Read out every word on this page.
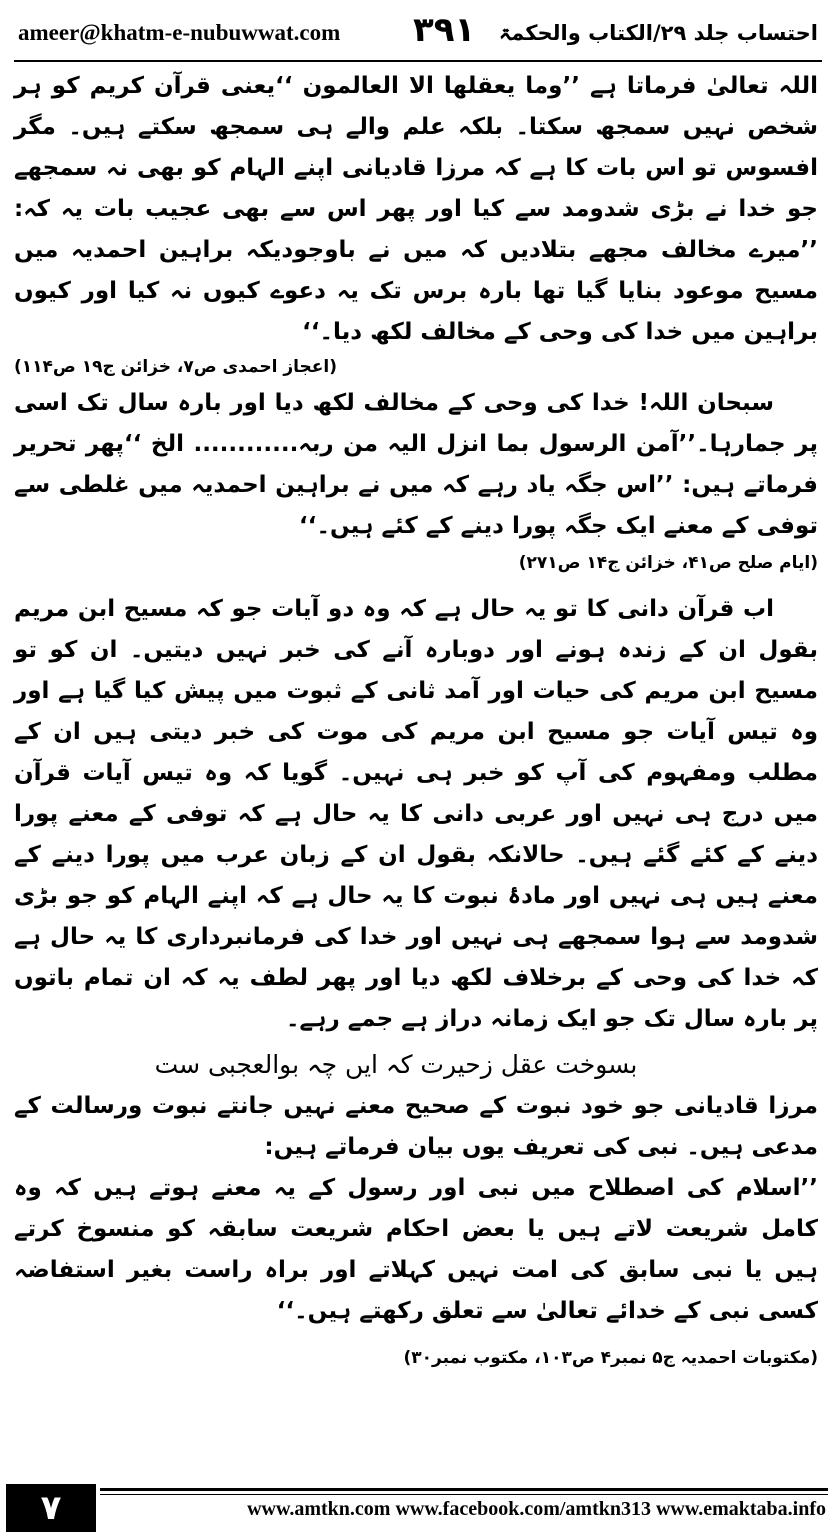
ameer@khatm-e-nubuwwat.com ۳۹۱ احتساب جلد ۲۹/الکتاب والحکمۃ

اللہ تعالیٰ فرماتا ہے ’’وما یعقلھا الا العالمون ‘‘یعنی قرآن کریم کو ہر شخص نہیں سمجھ سکتا۔ بلکہ علم والے ہی سمجھ سکتے ہیں۔ مگر افسوس تو اس بات کا ہے کہ مرزا قادیانی اپنے الہام کو بھی نہ سمجھے جو خدا نے بڑی شدومد سے کیا اور پھر اس سے بھی عجیب بات یہ کہ: ’’میرے مخالف مجھے بتلادیں کہ میں نے باوجودیکہ براہین احمدیہ میں مسیح موعود بنایا گیا تھا بارہ برس تک یہ دعوے کیوں نہ کیا اور کیوں براہین میں خدا کی وحی کے مخالف لکھ دیا۔‘‘

(اعجاز احمدی ص۷، خزائن ج۱۹ ص۱۱۴)

سبحان اللہ! خدا کی وحی کے مخالف لکھ دیا اور بارہ سال تک اسی پر جمارہا۔’’آمن الرسول بما انزل الیہ من ربہ............ الخ ‘‘پھر تحریر فرماتے ہیں: ’’اس جگہ یاد رہے کہ میں نے براہین احمدیہ میں غلطی سے توفی کے معنے ایک جگہ پورا دینے کے کئے ہیں۔‘‘

(ایام صلح ص۴۱، خزائن ج۱۴ ص۲۷۱)

اب قرآن دانی کا تو یہ حال ہے کہ وہ دو آیات جو کہ مسیح ابن مریم بقول ان کے زندہ ہونے اور دوبارہ آنے کی خبر نہیں دیتیں۔ ان کو تو مسیح ابن مریم کی حیات اور آمد ثانی کے ثبوت میں پیش کیا گیا ہے اور وہ تیس آیات جو مسیح ابن مریم کی موت کی خبر دیتی ہیں ان کے مطلب ومفہوم کی آپ کو خبر ہی نہیں۔ گویا کہ وہ تیس آیات قرآن میں درج ہی نہیں اور عربی دانی کا یہ حال ہے کہ توفی کے معنے پورا دینے کے کئے گئے ہیں۔ حالانکہ بقول ان کے زبان عرب میں پورا دینے کے معنے ہیں ہی نہیں اور مادۂ نبوت کا یہ حال ہے کہ اپنے الہام کو جو بڑی شدومد سے ہوا سمجھے ہی نہیں اور خدا کی فرمانبرداری کا یہ حال ہے کہ خدا کی وحی کے برخلاف لکھ دیا اور پھر لطف یہ کہ ان تمام باتوں پر بارہ سال تک جو ایک زمانہ دراز ہے جمے رہے۔

بسوخت عقل زحیرت کہ ایں چہ بوالعجبی ست

مرزا قادیانی جو خود نبوت کے صحیح معنے نہیں جانتے نبوت ورسالت کے مدعی ہیں۔ نبی کی تعریف یوں بیان فرماتے ہیں:

’’اسلام کی اصطلاح میں نبی اور رسول کے یہ معنے ہوتے ہیں کہ وہ کامل شریعت لاتے ہیں یا بعض احکام شریعت سابقہ کو منسوخ کرتے ہیں یا نبی سابق کی امت نہیں کہلاتے اور براہ راست بغیر استفاضہ کسی نبی کے خدائے تعالیٰ سے تعلق رکھتے ہیں۔‘‘

(مکتوبات احمدیہ ج۵ نمبر۴ ص۱۰۳، مکتوب نمبر۳۰)

۷	www.amtkn.com www.facebook.com/amtkn313 www.emaktaba.info
